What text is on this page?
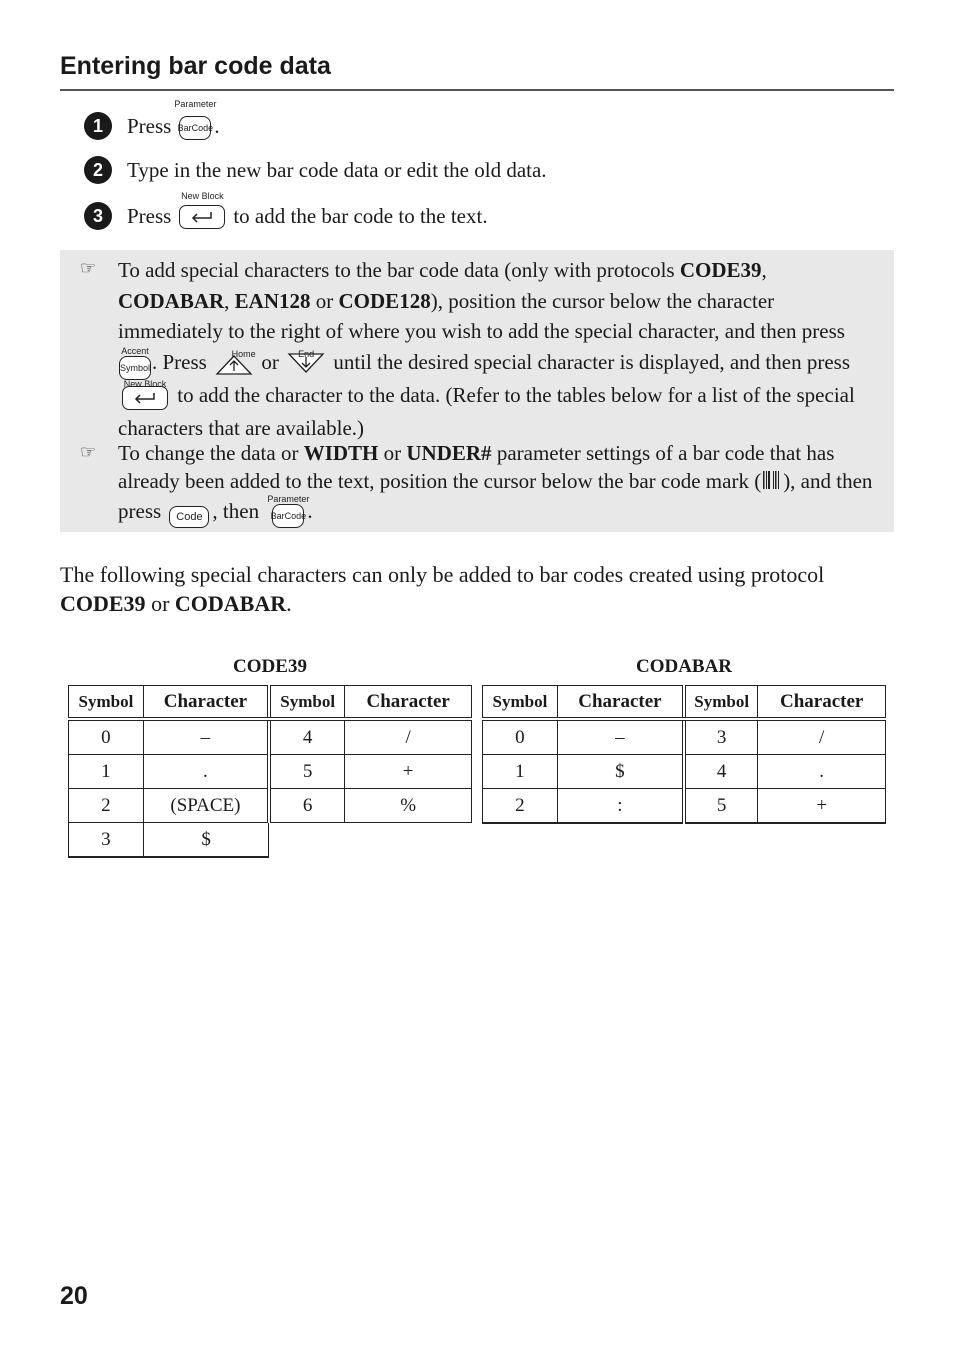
Entering bar code data
1	Press
Parameter
BarCode .
2	Type in the new bar code data or edit the old data.
3	Press
New Block
to add the bar code to the text.
☞ To add special characters to the bar code data (only with protocols CODE39, CODABAR, EAN128 or CODE128), position the cursor below the character immediately to the right of where you wish to add the special character, and then press
Accent
Symbol. Press Home or End until the desired special character is displayed, and then press
New Block to add the character to the data. (Refer to the tables below for a list of the special characters that are available.)
☞ To change the data or WIDTH or UNDER# parameter settings of a bar code that has already been added to the text, position the cursor below the bar code mark ( ), and then press Code , then Parameter
BarCode.
The following special characters can only be added to bar codes created using protocol CODE39 or CODABAR.
CODE39
Symbol	Character	Symbol	Character
0	–	4	/
1	.	5	+
2	(SPACE)	6	%
3	$		
CODABAR
Symbol	Character	Symbol	Character
0	–	3	/
1	$	4	.
2	:	5	+
20
